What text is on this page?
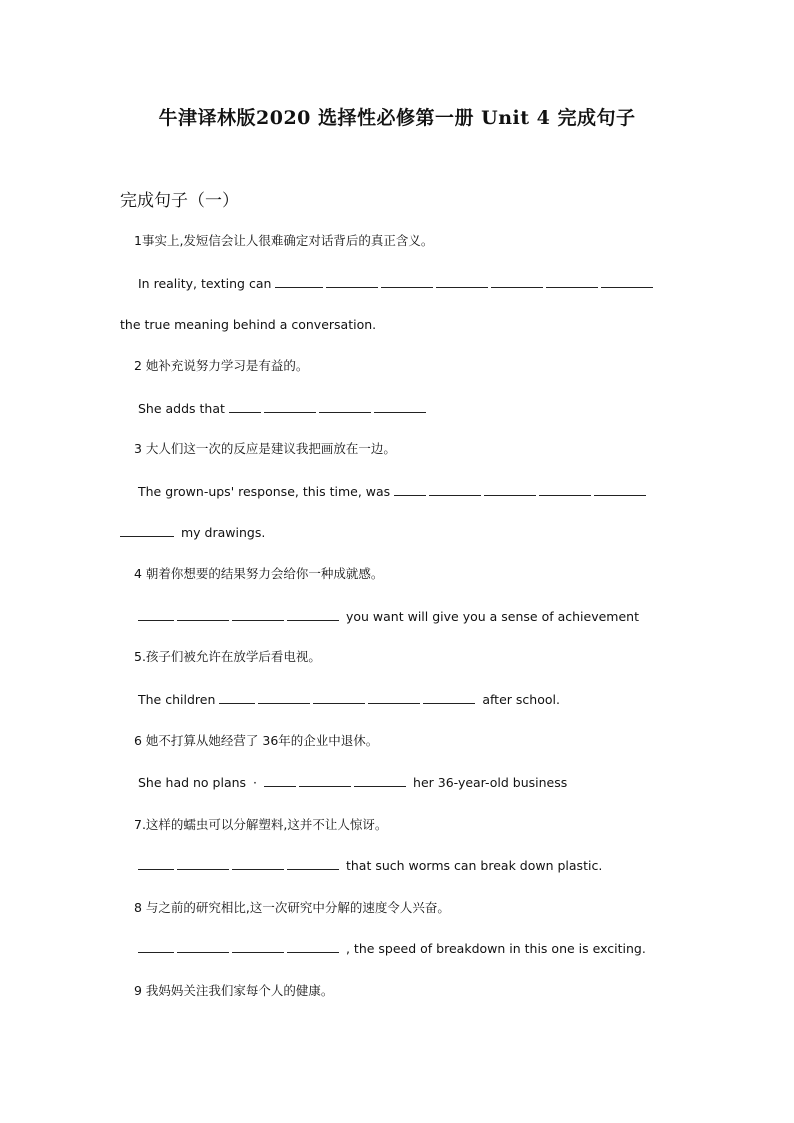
牛津译林版2020 选择性必修第一册 Unit 4 完成句子
完成句子（一）
1事实上,发短信会让人很难确定对话背后的真正含义。
In reality, texting can
the true meaning behind a conversation.
2 她补充说努力学习是有益的。
She adds that
3 大人们这一次的反应是建议我把画放在一边。
The grown-ups' response, this time, was
my drawings.
4 朝着你想要的结果努力会给你一种成就感。
you want will give you a sense of achievement
5.孩子们被允许在放学后看电视。
The children	after school.
6 她不打算从她经营了 36年的企业中退休。
She had no plans ·	her 36-year-old business
7.这样的蠕虫可以分解塑料,这并不让人惊讶。
that such worms can break down plastic.
8 与之前的研究相比,这一次研究中分解的速度令人兴奋。
, the speed of breakdown in this one is exciting.
9 我妈妈关注我们家每个人的健康。
